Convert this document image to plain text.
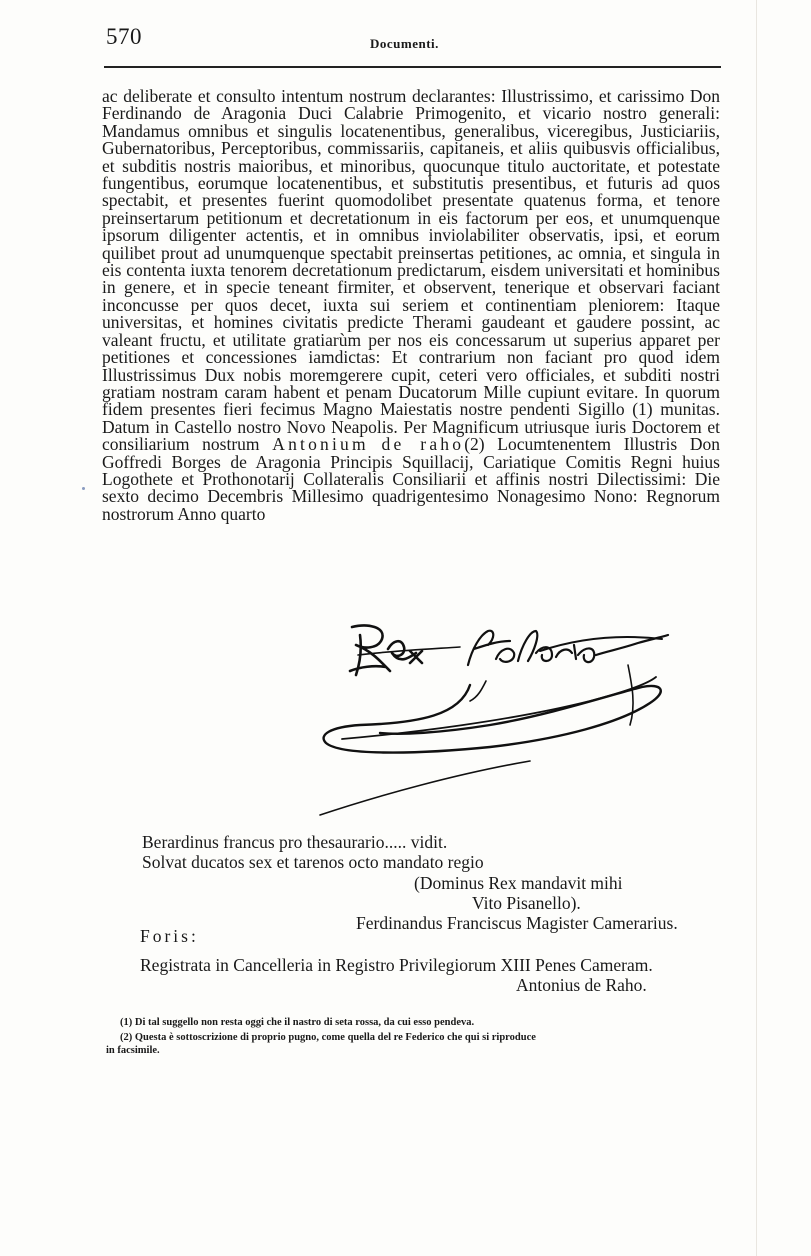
570	Documenti.

ac deliberate et consulto intentum nostrum declarantes: Illustrissimo, et carissimo Don Ferdinando de Aragonia Duci Calabrie Primogenito, et vicario nostro generali: Mandamus omnibus et singulis locatenentibus, generalibus, viceregibus, Justiciariis, Gubernatoribus, Perceptoribus, commissariis, capitaneis, et aliis quibusvis officialibus, et subditis nostris maioribus, et minoribus, quocunque titulo auctoritate, et potestate fungentibus, eorumque locatenentibus, et substitutis presentibus, et futuris ad quos spectabit, et presentes fuerint quomodolibet presentate quatenus forma, et tenore preinsertarum petitionum et decretationum in eis factorum per eos, et unumquenque ipsorum diligenter actentis, et in omnibus inviolabiliter observatis, ipsi, et eorum quilibet prout ad unumquenque spectabit preinsertas petitiones, ac omnia, et singula in eis contenta iuxta tenorem decretationum predictarum, eisdem universitati et hominibus in genere, et in specie teneant firmiter, et observent, tenerique et observari faciant inconcusse per quos decet, iuxta sui seriem et continentiam pleniorem: Itaque universitas, et homines civitatis predicte Therami gaudeant et gaudere possint, ac valeant fructu, et utilitate gratiarùm per nos eis concessarum ut superius apparet per petitiones et concessiones iamdictas: Et contrarium non faciant pro quod idem Illustrissimus Dux nobis moremgerere cupit, ceteri vero officiales, et subditi nostri gratiam nostram caram habent et penam Ducatorum Mille cupiunt evitare. In quorum fidem presentes fieri fecimus Magno Maiestatis nostre pendenti Sigillo (1) munitas. Datum in Castello nostro Novo Neapolis. Per Magnificum utriusque iuris Doctorem et consiliarium nostrum Antonium de raho(2) Locumtenentem Illustris Don Goffredi Borges de Aragonia Principis Squillacij, Cariatique Comitis Regni huius Logothete et Prothonotarij Collateralis Consiliarii et affinis nostri Dilectissimi: Die sexto decimo Decembris Millesimo quadrigentesimo Nonagesimo Nono: Regnorum nostrorum Anno quarto

Berardinus francus pro thesaurario..... vidit.
Solvat ducatos sex et tarenos octo mandato regio
(Dominus Rex mandavit mihi
Vito Pisanello).
Ferdinandus Franciscus Magister Camerarius.
Foris:
Registrata in Cancelleria in Registro Privilegiorum XIII Penes Cameram.
Antonius de Raho.
(1) Di tal suggello non resta oggi che il nastro di seta rossa, da cui esso pendeva.
(2) Questa è sottoscrizione di proprio pugno, come quella del re Federico che qui si riproduce
in facsimile.
